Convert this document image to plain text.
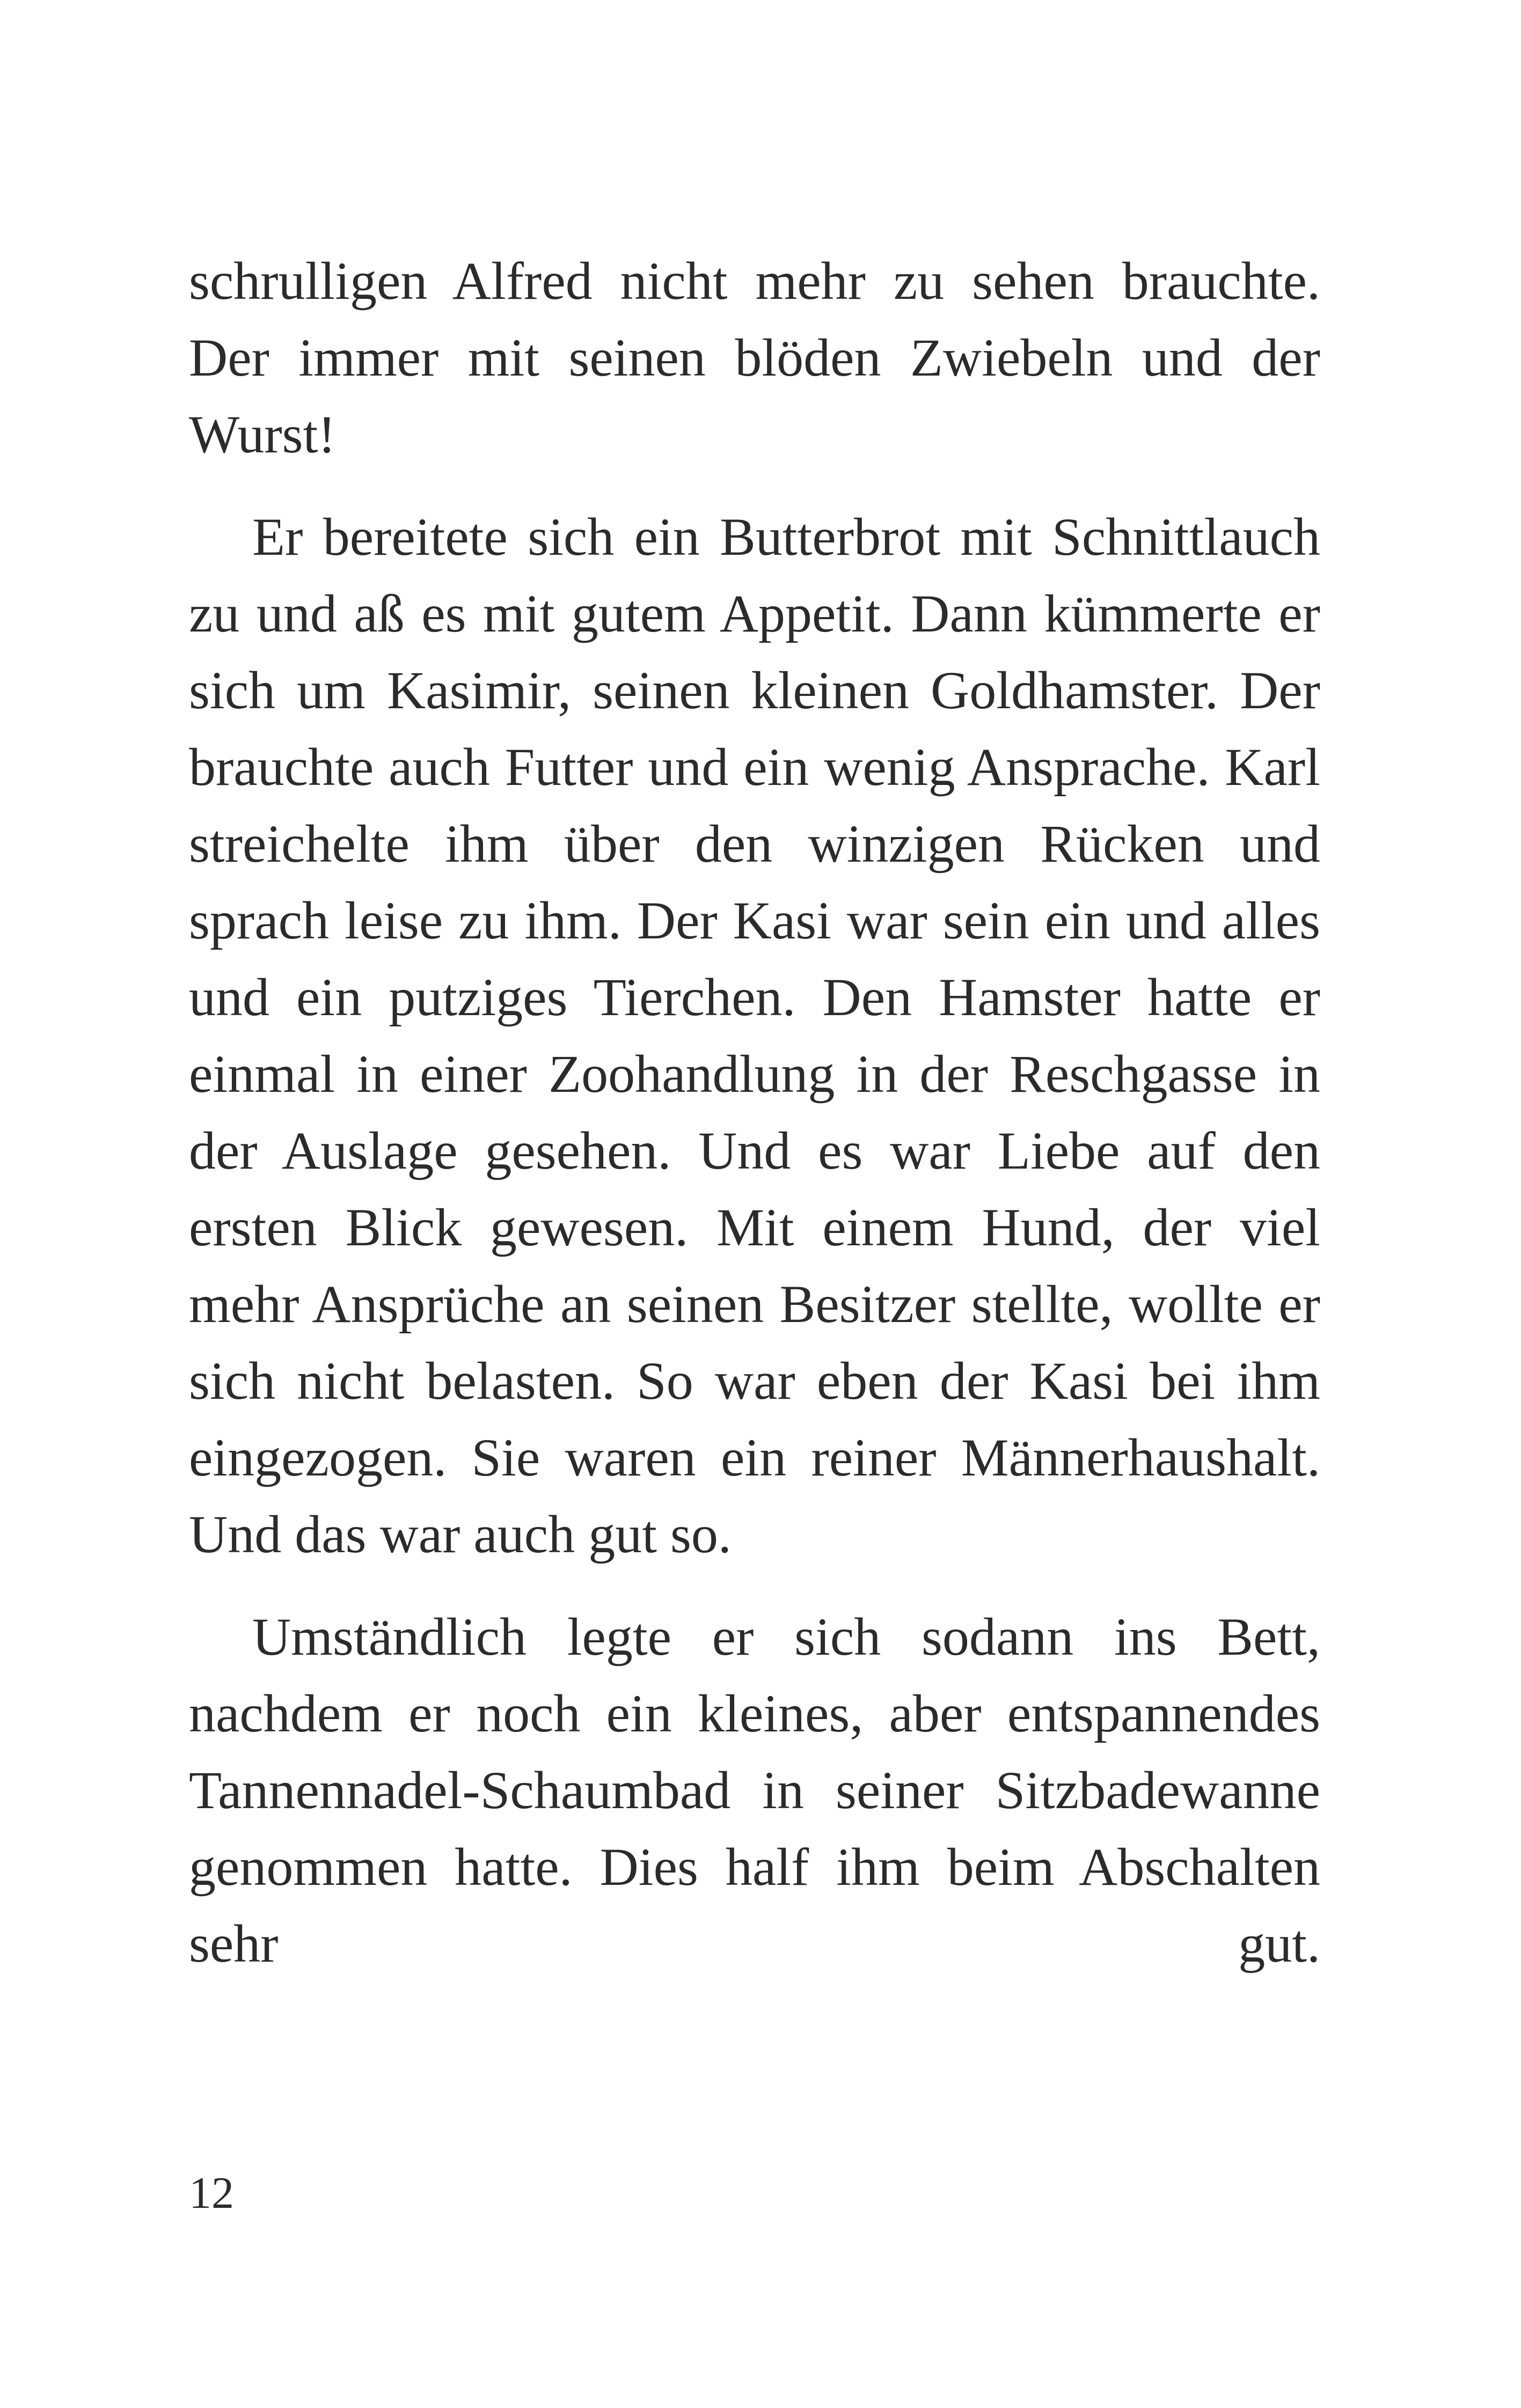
schrulligen Alfred nicht mehr zu sehen brauchte. Der immer mit seinen blöden Zwiebeln und der Wurst!

Er bereitete sich ein Butterbrot mit Schnittlauch zu und aß es mit gutem Appetit. Dann kümmerte er sich um Kasimir, seinen kleinen Goldhamster. Der brauchte auch Futter und ein wenig Ansprache. Karl streichelte ihm über den winzigen Rücken und sprach leise zu ihm. Der Kasi war sein ein und alles und ein putziges Tierchen. Den Hamster hatte er einmal in einer Zoohandlung in der Reschgasse in der Auslage gesehen. Und es war Liebe auf den ersten Blick gewesen. Mit einem Hund, der viel mehr Ansprüche an seinen Besitzer stellte, wollte er sich nicht belasten. So war eben der Kasi bei ihm eingezogen. Sie waren ein reiner Männerhaushalt. Und das war auch gut so.

Umständlich legte er sich sodann ins Bett, nachdem er noch ein kleines, aber entspannendes Tannennadel-Schaumbad in seiner Sitzbadewanne genommen hatte. Dies half ihm beim Abschalten sehr gut.

12
